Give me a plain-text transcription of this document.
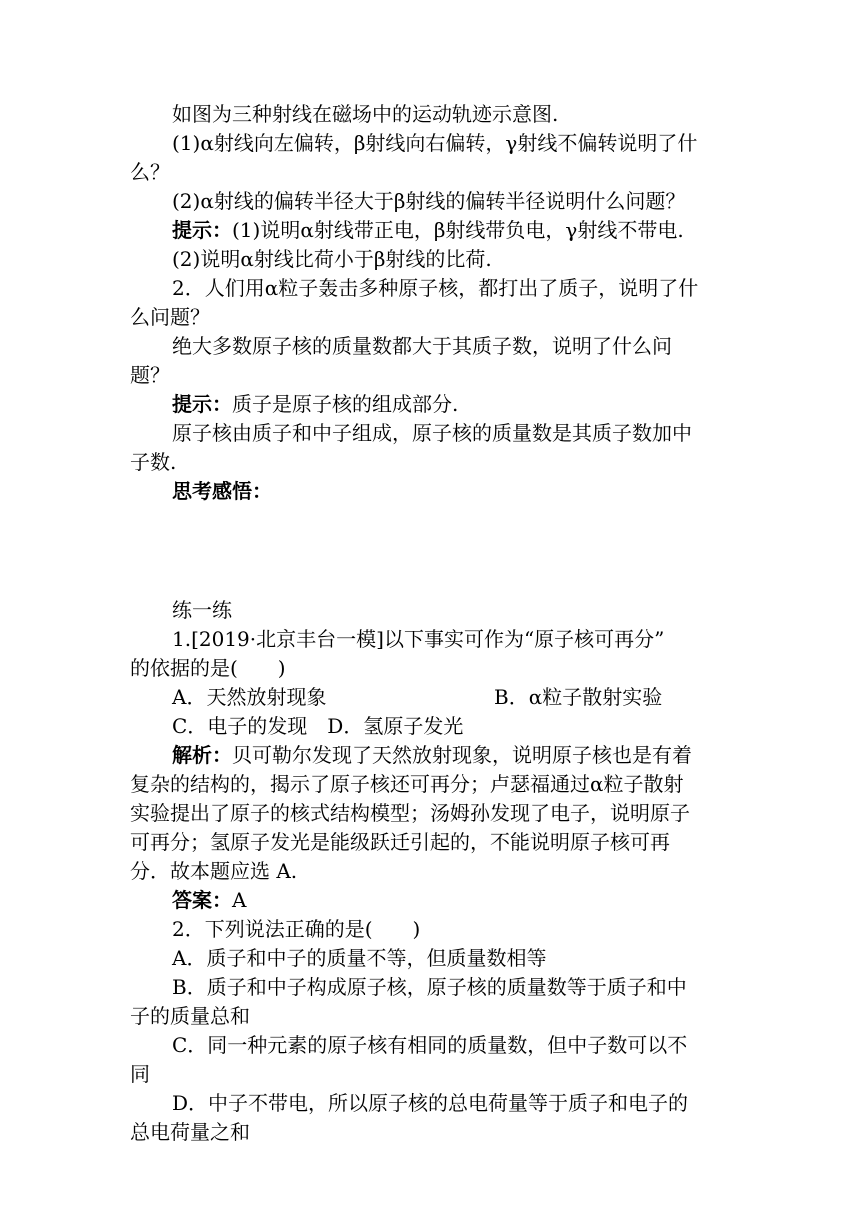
如图为三种射线在磁场中的运动轨迹示意图.
(1)α射线向左偏转，β射线向右偏转，γ射线不偏转说明了什
么？
(2)α射线的偏转半径大于β射线的偏转半径说明什么问题？
提示：(1)说明α射线带正电，β射线带负电，γ射线不带电.
(2)说明α射线比荷小于β射线的比荷.
2．人们用α粒子轰击多种原子核，都打出了质子，说明了什
么问题？
绝大多数原子核的质量数都大于其质子数，说明了什么问
题？
提示：质子是原子核的组成部分.
原子核由质子和中子组成，原子核的质量数是其质子数加中
子数.
思考感悟：
练一练
1.[2019·北京丰台一模]以下事实可作为“原子核可再分”
的依据的是(　　)
A．天然放射现象	B．α粒子散射实验
C．电子的发现　D．氢原子发光
解析：贝可勒尔发现了天然放射现象，说明原子核也是有着
复杂的结构的，揭示了原子核还可再分；卢瑟福通过α粒子散射
实验提出了原子的核式结构模型；汤姆孙发现了电子，说明原子
可再分；氢原子发光是能级跃迁引起的，不能说明原子核可再
分．故本题应选 A.
答案：A
2．下列说法正确的是(　　)
A．质子和中子的质量不等，但质量数相等
B．质子和中子构成原子核，原子核的质量数等于质子和中
子的质量总和
C．同一种元素的原子核有相同的质量数，但中子数可以不
同
D．中子不带电，所以原子核的总电荷量等于质子和电子的
总电荷量之和
